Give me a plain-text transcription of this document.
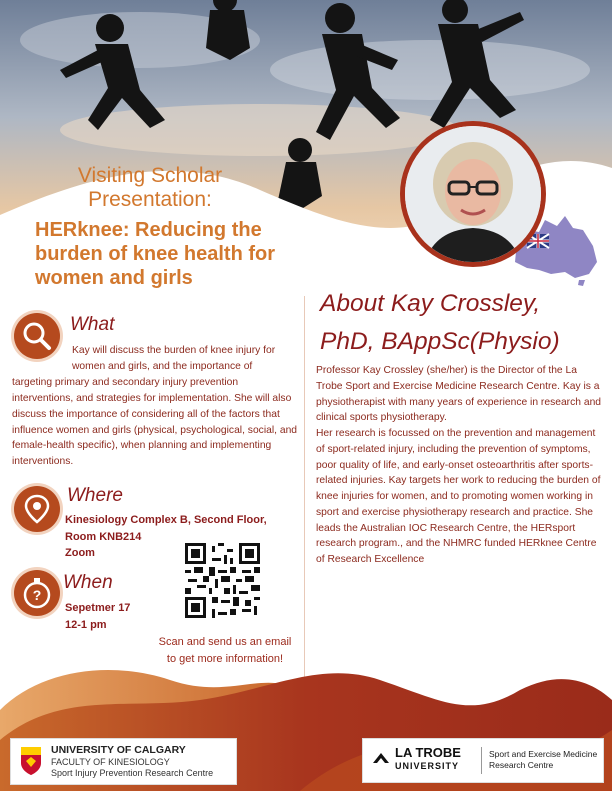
Visiting Scholar
Presentation:
HERknee: Reducing the
burden of knee health for
women and girls
What
Kay will discuss the burden of knee injury for women and girls, and the importance of
targeting primary and secondary injury prevention interventions, and strategies for implementation. She will also discuss the importance of considering all of the factors that influence women and girls (physical, psychological, social, and female-health specific), when planning and implementing interventions.
Where
Kinesiology Complex B, Second Floor,
Room KNB214
Zoom
?
When
Sepetmer 17
12-1 pm
Scan and send us an email
to get more information!
About Kay Crossley,
PhD, BAppSc(Physio)

Professor Kay Crossley (she/her) is the Director of the La Trobe Sport and Exercise Medicine Research Centre. Kay is a physiotherapist with many years of experience in research and clinical sports physiotherapy.

Her research is focussed on the prevention and management of sport-related injury, including the prevention of symptoms, poor quality of life, and early-onset osteoarthritis after sports-related injuries. Kay targets her work to reducing the burden of knee injuries for women, and to promoting women working in sport and exercise physiotherapy research and practice. She leads the Australian IOC Research Centre, the HERsport research program., and the NHMRC funded HERknee Centre of Research Excellence

UNIVERSITY OF CALGARY
FACULTY OF KINESIOLOGY
Sport Injury Prevention Research Centre
LA TROBE
UNIVERSITY
Sport and Exercise Medicine
Research Centre
